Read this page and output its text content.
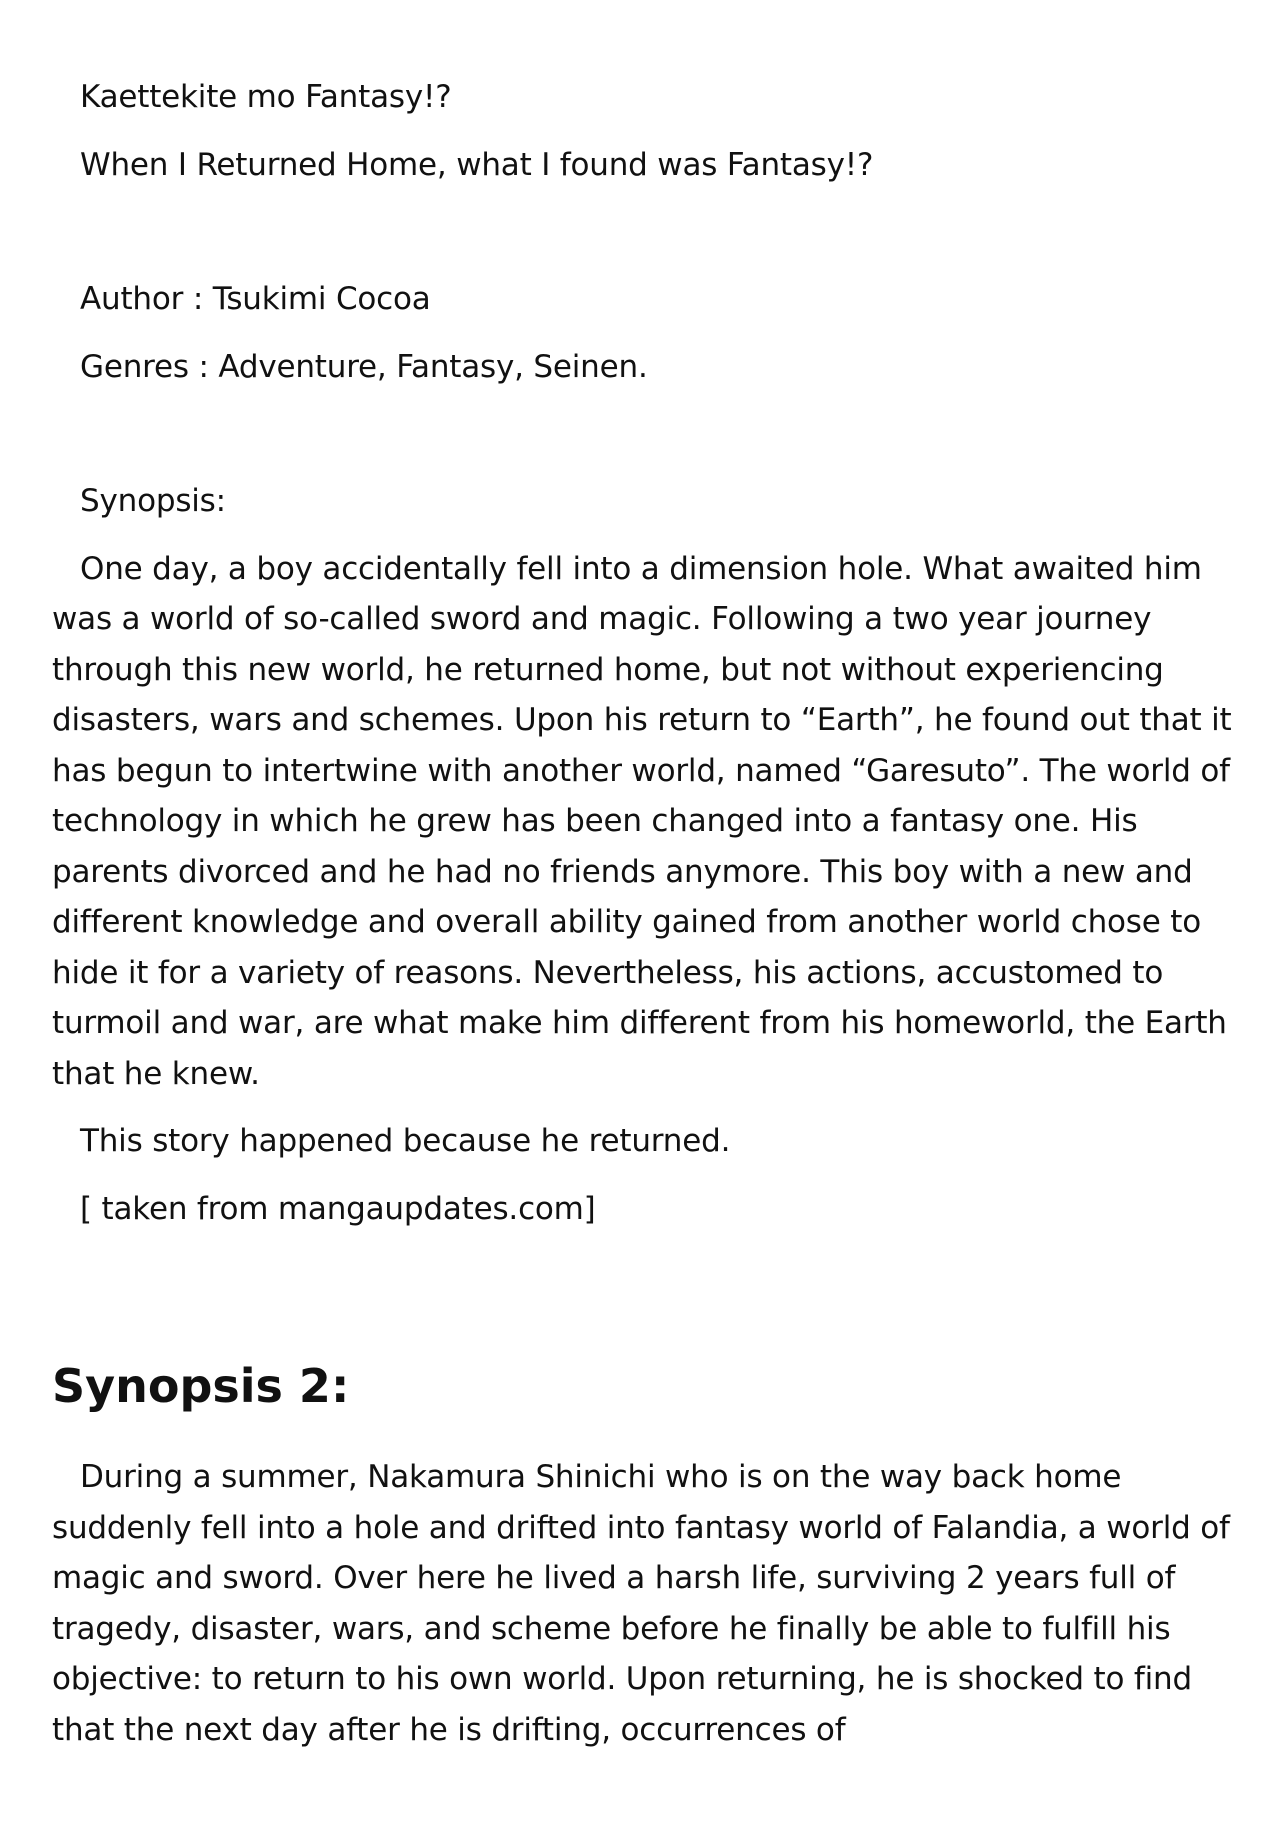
Kaettekite mo Fantasy!?

When I Returned Home, what I found was Fantasy!?

Author : Tsukimi Cocoa

Genres : Adventure, Fantasy, Seinen.

Synopsis:

One day, a boy accidentally fell into a dimension hole. What awaited him was a world of so-called sword and magic. Following a two year journey through this new world, he returned home, but not without experiencing disasters, wars and schemes. Upon his return to “Earth”, he found out that it has begun to intertwine with another world, named “Garesuto”. The world of technology in which he grew has been changed into a fantasy one. His parents divorced and he had no friends anymore. This boy with a new and different knowledge and overall ability gained from another world chose to hide it for a variety of reasons. Nevertheless, his actions, accustomed to turmoil and war, are what make him different from his homeworld, the Earth that he knew.

This story happened because he returned.

[ taken from mangaupdates.com]

Synopsis 2:

During a summer, Nakamura Shinichi who is on the way back home suddenly fell into a hole and drifted into fantasy world of Falandia, a world of magic and sword. Over here he lived a harsh life, surviving 2 years full of tragedy, disaster, wars, and scheme before he finally be able to fulfill his objective: to return to his own world. Upon returning, he is shocked to find that the next day after he is drifting, occurrences of
